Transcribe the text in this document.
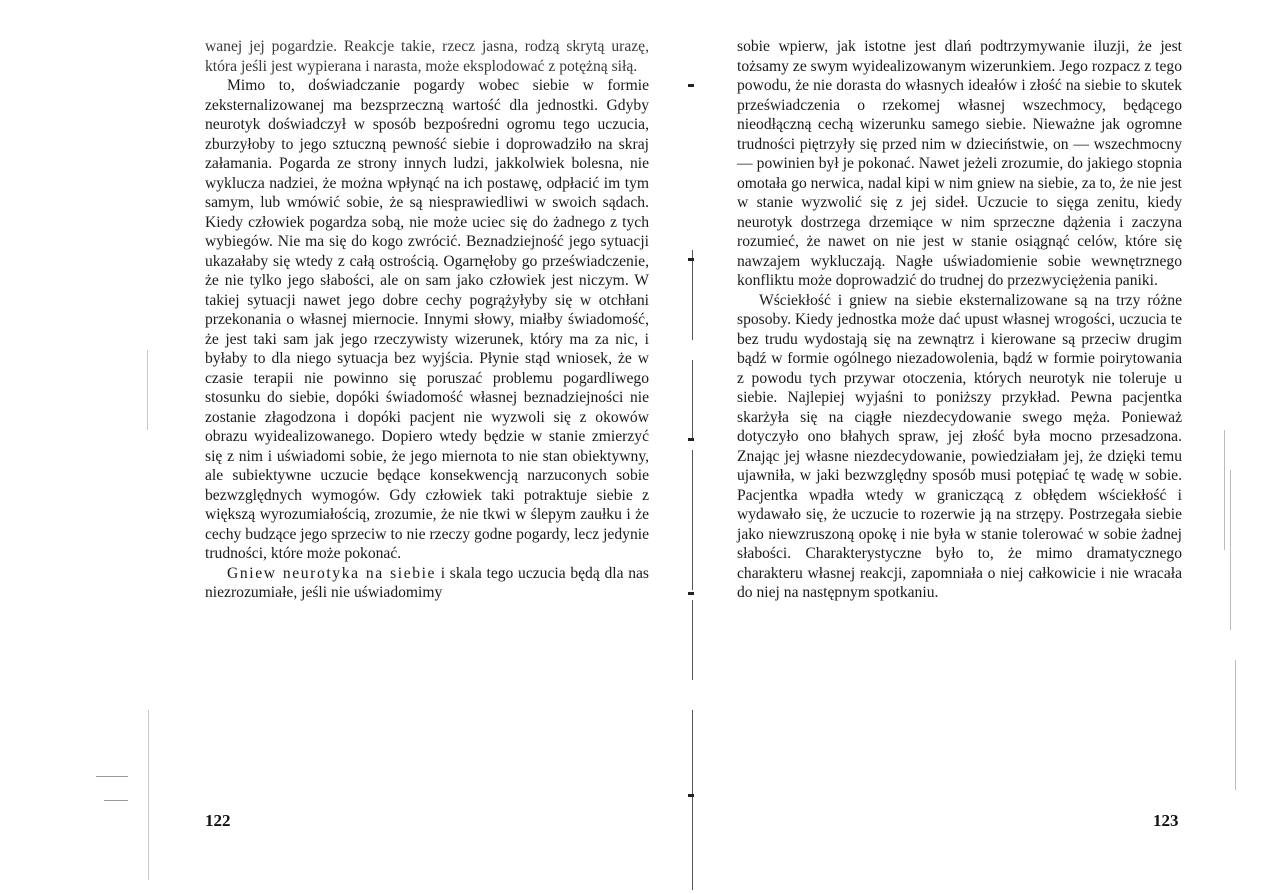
wanej jej pogardzie. Reakcje takie, rzecz jasna, rodzą skrytą urazę, która jeśli jest wypierana i narasta, może eksplodować z potężną siłą.

Mimo to, doświadczanie pogardy wobec siebie w formie zeksternalizowanej ma bezsprzeczną wartość dla jednostki. Gdyby neurotyk doświadczył w sposób bezpośredni ogromu tego uczucia, zburzyłoby to jego sztuczną pewność siebie i doprowadziło na skraj załamania. Pogarda ze strony innych ludzi, jakkolwiek bolesna, nie wyklucza nadziei, że można wpłynąć na ich postawę, odpłacić im tym samym, lub wmówić sobie, że są niesprawiedliwi w swoich sądach. Kiedy człowiek pogardza sobą, nie może uciec się do żadnego z tych wybiegów. Nie ma się do kogo zwrócić. Beznadziejność jego sytuacji ukazałaby się wtedy z całą ostrością. Ogarnęłoby go przeświadczenie, że nie tylko jego słabości, ale on sam jako człowiek jest niczym. W takiej sytuacji nawet jego dobre cechy pogrążyłyby się w otchłani przekonania o własnej miernocie. Innymi słowy, miałby świadomość, że jest taki sam jak jego rzeczywisty wizerunek, który ma za nic, i byłaby to dla niego sytuacja bez wyjścia. Płynie stąd wniosek, że w czasie terapii nie powinno się poruszać problemu pogardliwego stosunku do siebie, dopóki świadomość własnej beznadziejności nie zostanie złagodzona i dopóki pacjent nie wyzwoli się z okowów obrazu wyidealizowanego. Dopiero wtedy będzie w stanie zmierzyć się z nim i uświadomi sobie, że jego miernota to nie stan obiektywny, ale subiektywne uczucie będące konsekwencją narzuconych sobie bezwzględnych wymogów. Gdy człowiek taki potraktuje siebie z większą wyrozumiałością, zrozumie, że nie tkwi w ślepym zaułku i że cechy budzące jego sprzeciw to nie rzeczy godne pogardy, lecz jedynie trudności, które może pokonać.

Gniew neurotyka na siebie i skala tego uczucia będą dla nas niezrozumiałe, jeśli nie uświadomimy

122

sobie wpierw, jak istotne jest dlań podtrzymywanie iluzji, że jest tożsamy ze swym wyidealizowanym wizerunkiem. Jego rozpacz z tego powodu, że nie dorasta do własnych ideałów i złość na siebie to skutek przeświadczenia o rzekomej własnej wszechmocy, będącego nieodłączną cechą wizerunku samego siebie. Nieważne jak ogromne trudności piętrzyły się przed nim w dzieciństwie, on — wszechmocny — powinien był je pokonać. Nawet jeżeli zrozumie, do jakiego stopnia omotała go nerwica, nadal kipi w nim gniew na siebie, za to, że nie jest w stanie wyzwolić się z jej sideł. Uczucie to sięga zenitu, kiedy neurotyk dostrzega drzemiące w nim sprzeczne dążenia i zaczyna rozumieć, że nawet on nie jest w stanie osiągnąć celów, które się nawzajem wykluczają. Nagłe uświadomienie sobie wewnętrznego konfliktu może doprowadzić do trudnej do przezwyciężenia paniki.

Wściekłość i gniew na siebie eksternalizowane są na trzy różne sposoby. Kiedy jednostka może dać upust własnej wrogości, uczucia te bez trudu wydostają się na zewnątrz i kierowane są przeciw drugim bądź w formie ogólnego niezadowolenia, bądź w formie poirytowania z powodu tych przywar otoczenia, których neurotyk nie toleruje u siebie. Najlepiej wyjaśni to poniższy przykład. Pewna pacjentka skarżyła się na ciągłe niezdecydowanie swego męża. Ponieważ dotyczyło ono błahych spraw, jej złość była mocno przesadzona. Znając jej własne niezdecydowanie, powiedziałam jej, że dzięki temu ujawniła, w jaki bezwzględny sposób musi potępiać tę wadę w sobie. Pacjentka wpadła wtedy w graniczącą z obłędem wściekłość i wydawało się, że uczucie to rozerwie ją na strzępy. Postrzegała siebie jako niewzruszoną opokę i nie była w stanie tolerować w sobie żadnej słabości. Charakterystyczne było to, że mimo dramatycznego charakteru własnej reakcji, zapomniała o niej całkowicie i nie wracała do niej na następnym spotkaniu.

123
